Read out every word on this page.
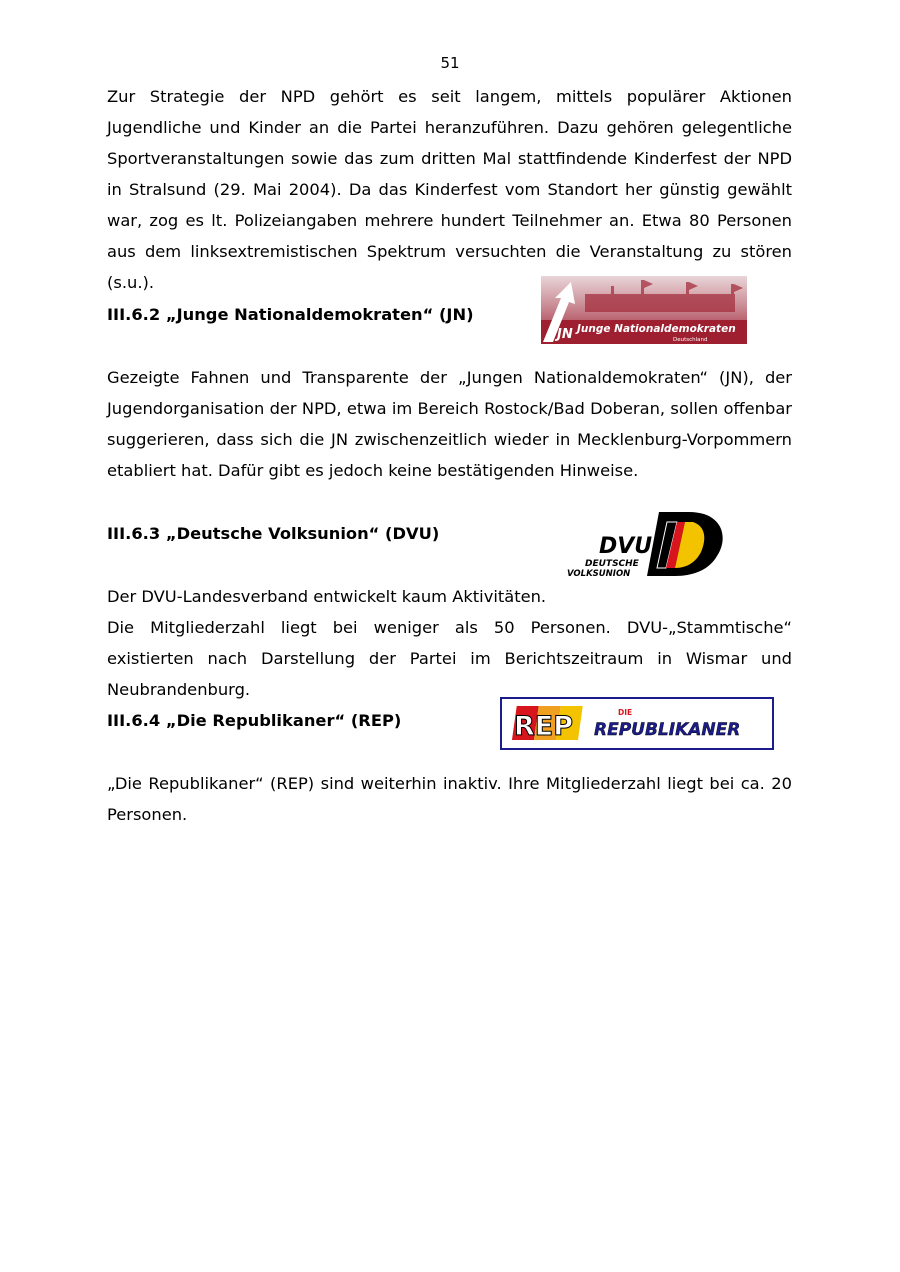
51

Zur Strategie der NPD gehört es seit langem, mittels populärer Aktionen Jugendliche und Kinder an die Partei heranzuführen. Dazu gehören gelegentliche Sportveranstaltungen sowie das zum dritten Mal stattfindende Kinderfest der NPD in Stralsund (29. Mai 2004). Da das Kinderfest vom Standort her günstig gewählt war, zog es lt. Polizeiangaben mehrere hundert Teilnehmer an. Etwa 80 Personen aus dem linksextremistischen Spektrum versuchten die Veranstaltung zu stören (s.u.).

III.6.2 „Junge Nationaldemokraten“ (JN)
JN Junge Nationaldemokraten
Deutschland

Gezeigte Fahnen und Transparente der „Jungen Nationaldemokraten“ (JN), der Jugendorganisation der NPD, etwa im Bereich Rostock/Bad Doberan, sollen offenbar suggerieren, dass sich die JN zwischenzeitlich wieder in Mecklenburg-Vorpommern etabliert hat. Dafür gibt es jedoch keine bestätigenden Hinweise.

III.6.3 „Deutsche Volksunion“ (DVU)
DVU
DEUTSCHE
VOLKSUNION

Der DVU-Landesverband entwickelt kaum Aktivitäten.

Die Mitgliederzahl liegt bei weniger als 50 Personen. DVU-„Stammtische“ existierten nach Darstellung der Partei im Berichtszeitraum in Wismar und Neubrandenburg.

III.6.4 „Die Republikaner“ (REP)	REP	DIE
REPUBLIKANER

„Die Republikaner“ (REP) sind weiterhin inaktiv. Ihre Mitgliederzahl liegt bei ca. 20 Personen.
